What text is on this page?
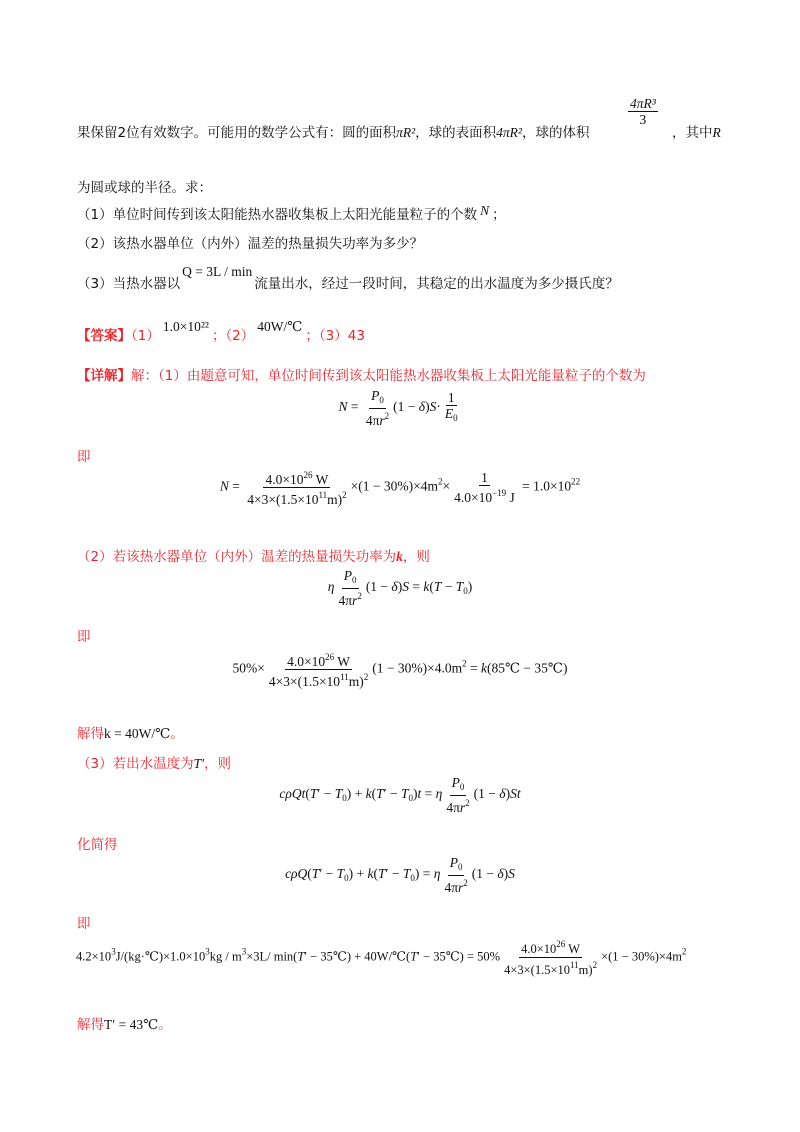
果保留2位有效数字。可能用的数学公式有：圆的面积πR²，球的表面积4πR²，球的体积
$\frac{\text{4πR³}}{3}$
，其中R
为圆或球的半径。求：
（1）单位时间传到该太阳能热水器收集板上太阳光能量粒子的个数 N ；
（2）该热水器单位（内外）温差的热量损失功率为多少？
（3）当热水器以Q = 3L / min流量出水，经过一段时间，其稳定的出水温度为多少摄氏度？
【答案】（1）1.0×10²²；（2）40W/℃；（3）43
【详解】解：（1）由题意可知，单位时间传到该太阳能热水器收集板上太阳光能量粒子的个数为
$N = \frac{P_0}{4\pi r^2} (1 - \delta)S\cdot \frac{1}{E_0}$
即
$N = \frac{4.0\times 10^{26} W}{4\times 3\times(1.5\times 10^{11}m)^2} \times(1 - 30\%)\times 4m^2\times \frac{1}{4.0\times 10^{-19} J} = 1.0\times 10^{22}$
（2）若该热水器单位（内外）温差的热量损失功率为k，则
η $\frac{P_0}{4\pi r^2} (1 - \delta)S = k(T - T_0)$
即
$50\%\times \frac{4.0\times 10^{26} W}{4\times 3\times(1.5\times 10^{11}m)^2} (1 - 30\%)\times 4.0m^2$ = k(85℃ − 35℃)
解得k = 40W/℃。
（3）若出水温度为T′，则
$c\rho Qt(T' - T_0) + k(T' - T_0)t = \eta \frac{P_0}{4\pi r^2} (1 - \delta)St$
化简得
$c\rho Q(T' - T_0) + k(T' - T_0) = \eta \frac{P_0}{4\pi r^2} (1 - \delta)S$
即
$4.2\times 10^3J/(kg\cdot℃)\times 1.0\times 10^3kg / m^3\times 3L/$ min(T′ − 35℃) + 40W/℃(T′ − 35℃) = $50\% \frac{4.0\times 10^{26} W}{4\times 3\times(1.5\times 10^{11}m)^2} \times(1 - 30\%)\times 4m^2$
解得T′ = 43℃。
